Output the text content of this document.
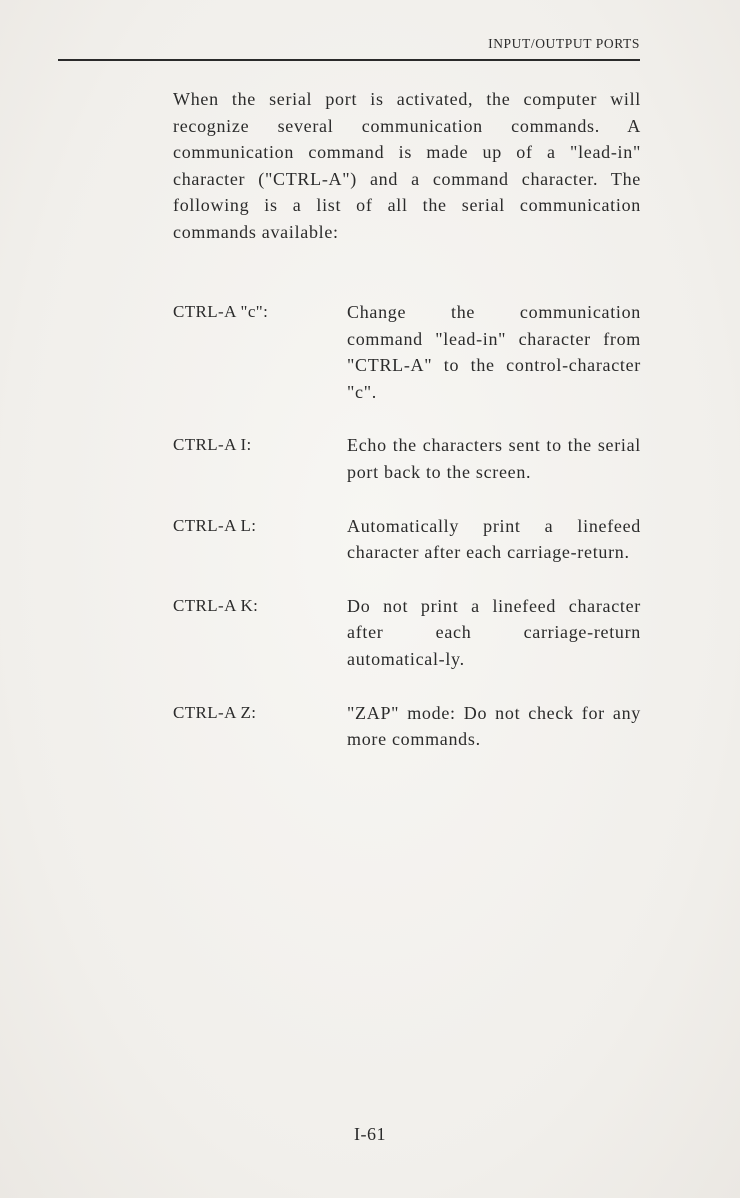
INPUT/OUTPUT PORTS
When the serial port is activated, the computer will recognize several communication commands. A communication command is made up of a "lead-in" character ("CTRL-A") and a command character. The following is a list of all the serial communication commands available:
CTRL-A "c":	Change the communication command "lead-in" character from "CTRL-A" to the control-character "c".
CTRL-A I:	Echo the characters sent to the serial port back to the screen.
CTRL-A L:	Automatically print a linefeed character after each carriage-return.
CTRL-A K:	Do not print a linefeed character after each carriage-return automatical-ly.
CTRL-A Z:	"ZAP" mode: Do not check for any more commands.
I-61
